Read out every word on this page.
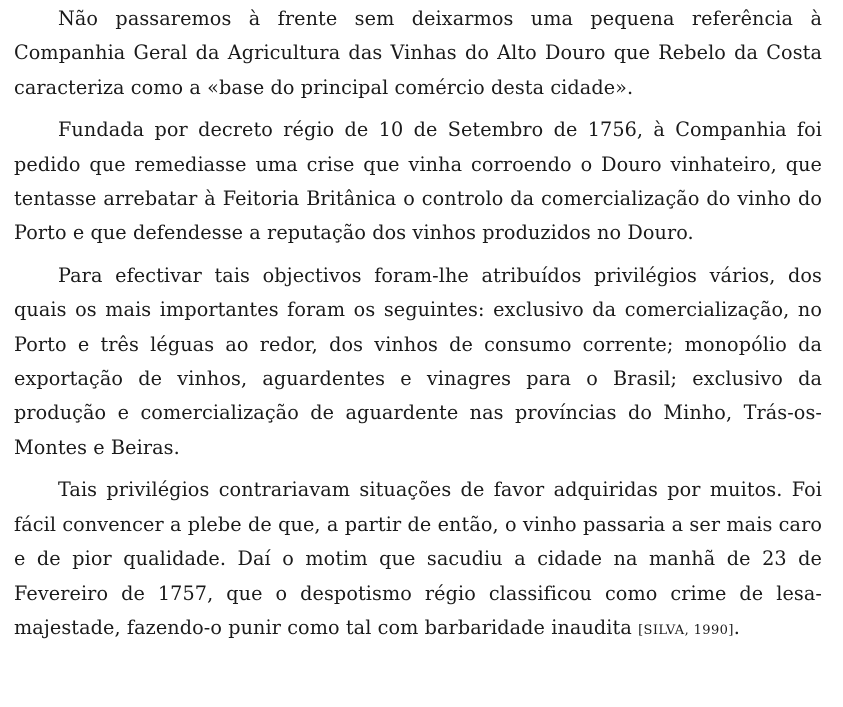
Não passaremos à frente sem deixarmos uma pequena referência à Companhia Geral da Agricultura das Vinhas do Alto Douro que Rebelo da Costa caracteriza como a «base do principal comércio desta cidade».

Fundada por decreto régio de 10 de Setembro de 1756, à Companhia foi pedido que remediasse uma crise que vinha corroendo o Douro vinhateiro, que tentasse arrebatar à Feitoria Britânica o controlo da comercialização do vinho do Porto e que defendesse a reputação dos vinhos produzidos no Douro.

Para efectivar tais objectivos foram-lhe atribuídos privilégios vários, dos quais os mais importantes foram os seguintes: exclusivo da comercialização, no Porto e três léguas ao redor, dos vinhos de consumo corrente; monopólio da exportação de vinhos, aguardentes e vinagres para o Brasil; exclusivo da produção e comercialização de aguardente nas províncias do Minho, Trás-os-Montes e Beiras.

Tais privilégios contrariavam situações de favor adquiridas por muitos. Foi fácil convencer a plebe de que, a partir de então, o vinho passaria a ser mais caro e de pior qualidade. Daí o motim que sacudiu a cidade na manhã de 23 de Fevereiro de 1757, que o despotismo régio classificou como crime de lesa-majestade, fazendo-o punir como tal com barbaridade inaudita [SILVA, 1990].
